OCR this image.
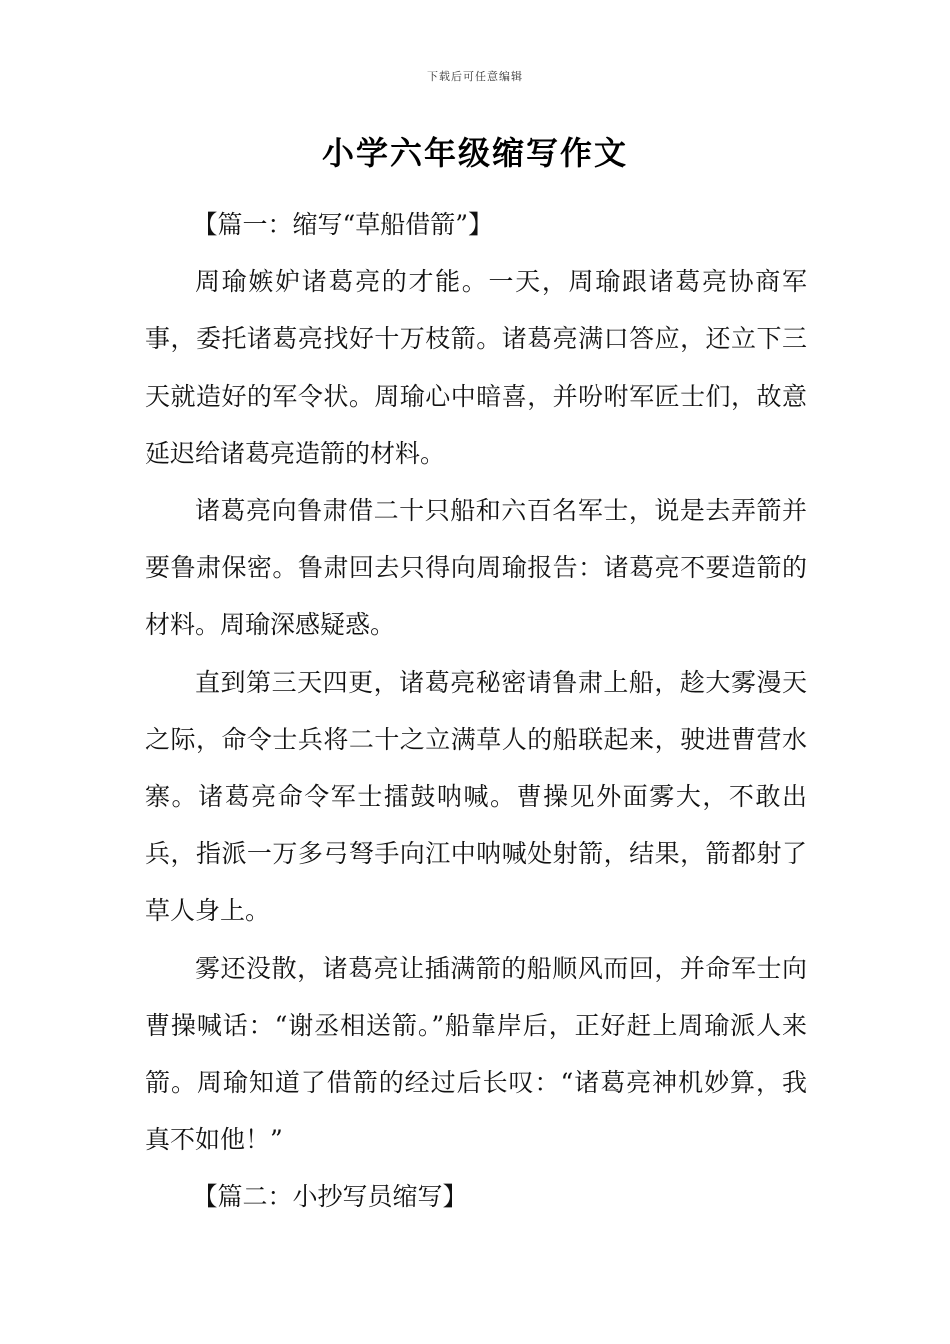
下载后可任意编辑
小学六年级缩写作文

【篇一：缩写“草船借箭”】

周瑜嫉妒诸葛亮的才能。一天，周瑜跟诸葛亮协商军事，委托诸葛亮找好十万枝箭。诸葛亮满口答应，还立下三天就造好的军令状。周瑜心中暗喜，并吩咐军匠士们，故意延迟给诸葛亮造箭的材料。

诸葛亮向鲁肃借二十只船和六百名军士，说是去弄箭并要鲁肃保密。鲁肃回去只得向周瑜报告：诸葛亮不要造箭的材料。周瑜深感疑惑。

直到第三天四更，诸葛亮秘密请鲁肃上船，趁大雾漫天之际，命令士兵将二十之立满草人的船联起来，驶进曹营水寨。诸葛亮命令军士擂鼓呐喊。曹操见外面雾大，不敢出兵，指派一万多弓弩手向江中呐喊处射箭，结果，箭都射了草人身上。

雾还没散，诸葛亮让插满箭的船顺风而回，并命军士向曹操喊话：“谢丞相送箭。”船靠岸后，正好赶上周瑜派人来箭。周瑜知道了借箭的经过后长叹：“诸葛亮神机妙算，我真不如他！”

【篇二：小抄写员缩写】
